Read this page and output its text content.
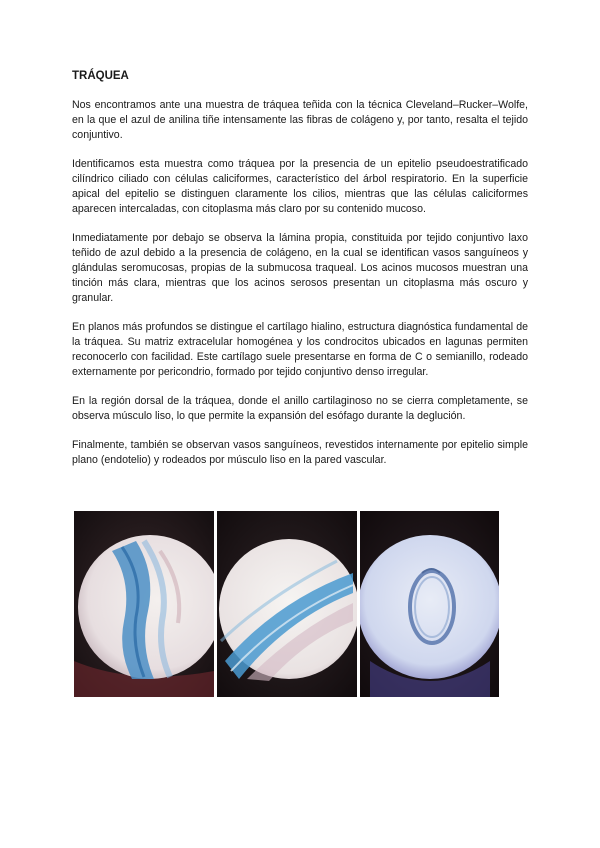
TRÁQUEA

Nos encontramos ante una muestra de tráquea teñida con la técnica Cleveland–Rucker–Wolfe, en la que el azul de anilina tiñe intensamente las fibras de colágeno y, por tanto, resalta el tejido conjuntivo.

Identificamos esta muestra como tráquea por la presencia de un epitelio pseudoestratificado cilíndrico ciliado con células caliciformes, característico del árbol respiratorio. En la superficie apical del epitelio se distinguen claramente los cilios, mientras que las células caliciformes aparecen intercaladas, con citoplasma más claro por su contenido mucoso.

Inmediatamente por debajo se observa la lámina propia, constituida por tejido conjuntivo laxo teñido de azul debido a la presencia de colágeno, en la cual se identifican vasos sanguíneos y glándulas seromucosas, propias de la submucosa traqueal. Los acinos mucosos muestran una tinción más clara, mientras que los acinos serosos presentan un citoplasma más oscuro y granular.

En planos más profundos se distingue el cartílago hialino, estructura diagnóstica fundamental de la tráquea. Su matriz extracelular homogénea y los condrocitos ubicados en lagunas permiten reconocerlo con facilidad. Este cartílago suele presentarse en forma de C o semianillo, rodeado externamente por pericondrio, formado por tejido conjuntivo denso irregular.

En la región dorsal de la tráquea, donde el anillo cartilaginoso no se cierra completamente, se observa músculo liso, lo que permite la expansión del esófago durante la deglución.

Finalmente, también se observan vasos sanguíneos, revestidos internamente por epitelio simple plano (endotelio) y rodeados por músculo liso en la pared vascular.
